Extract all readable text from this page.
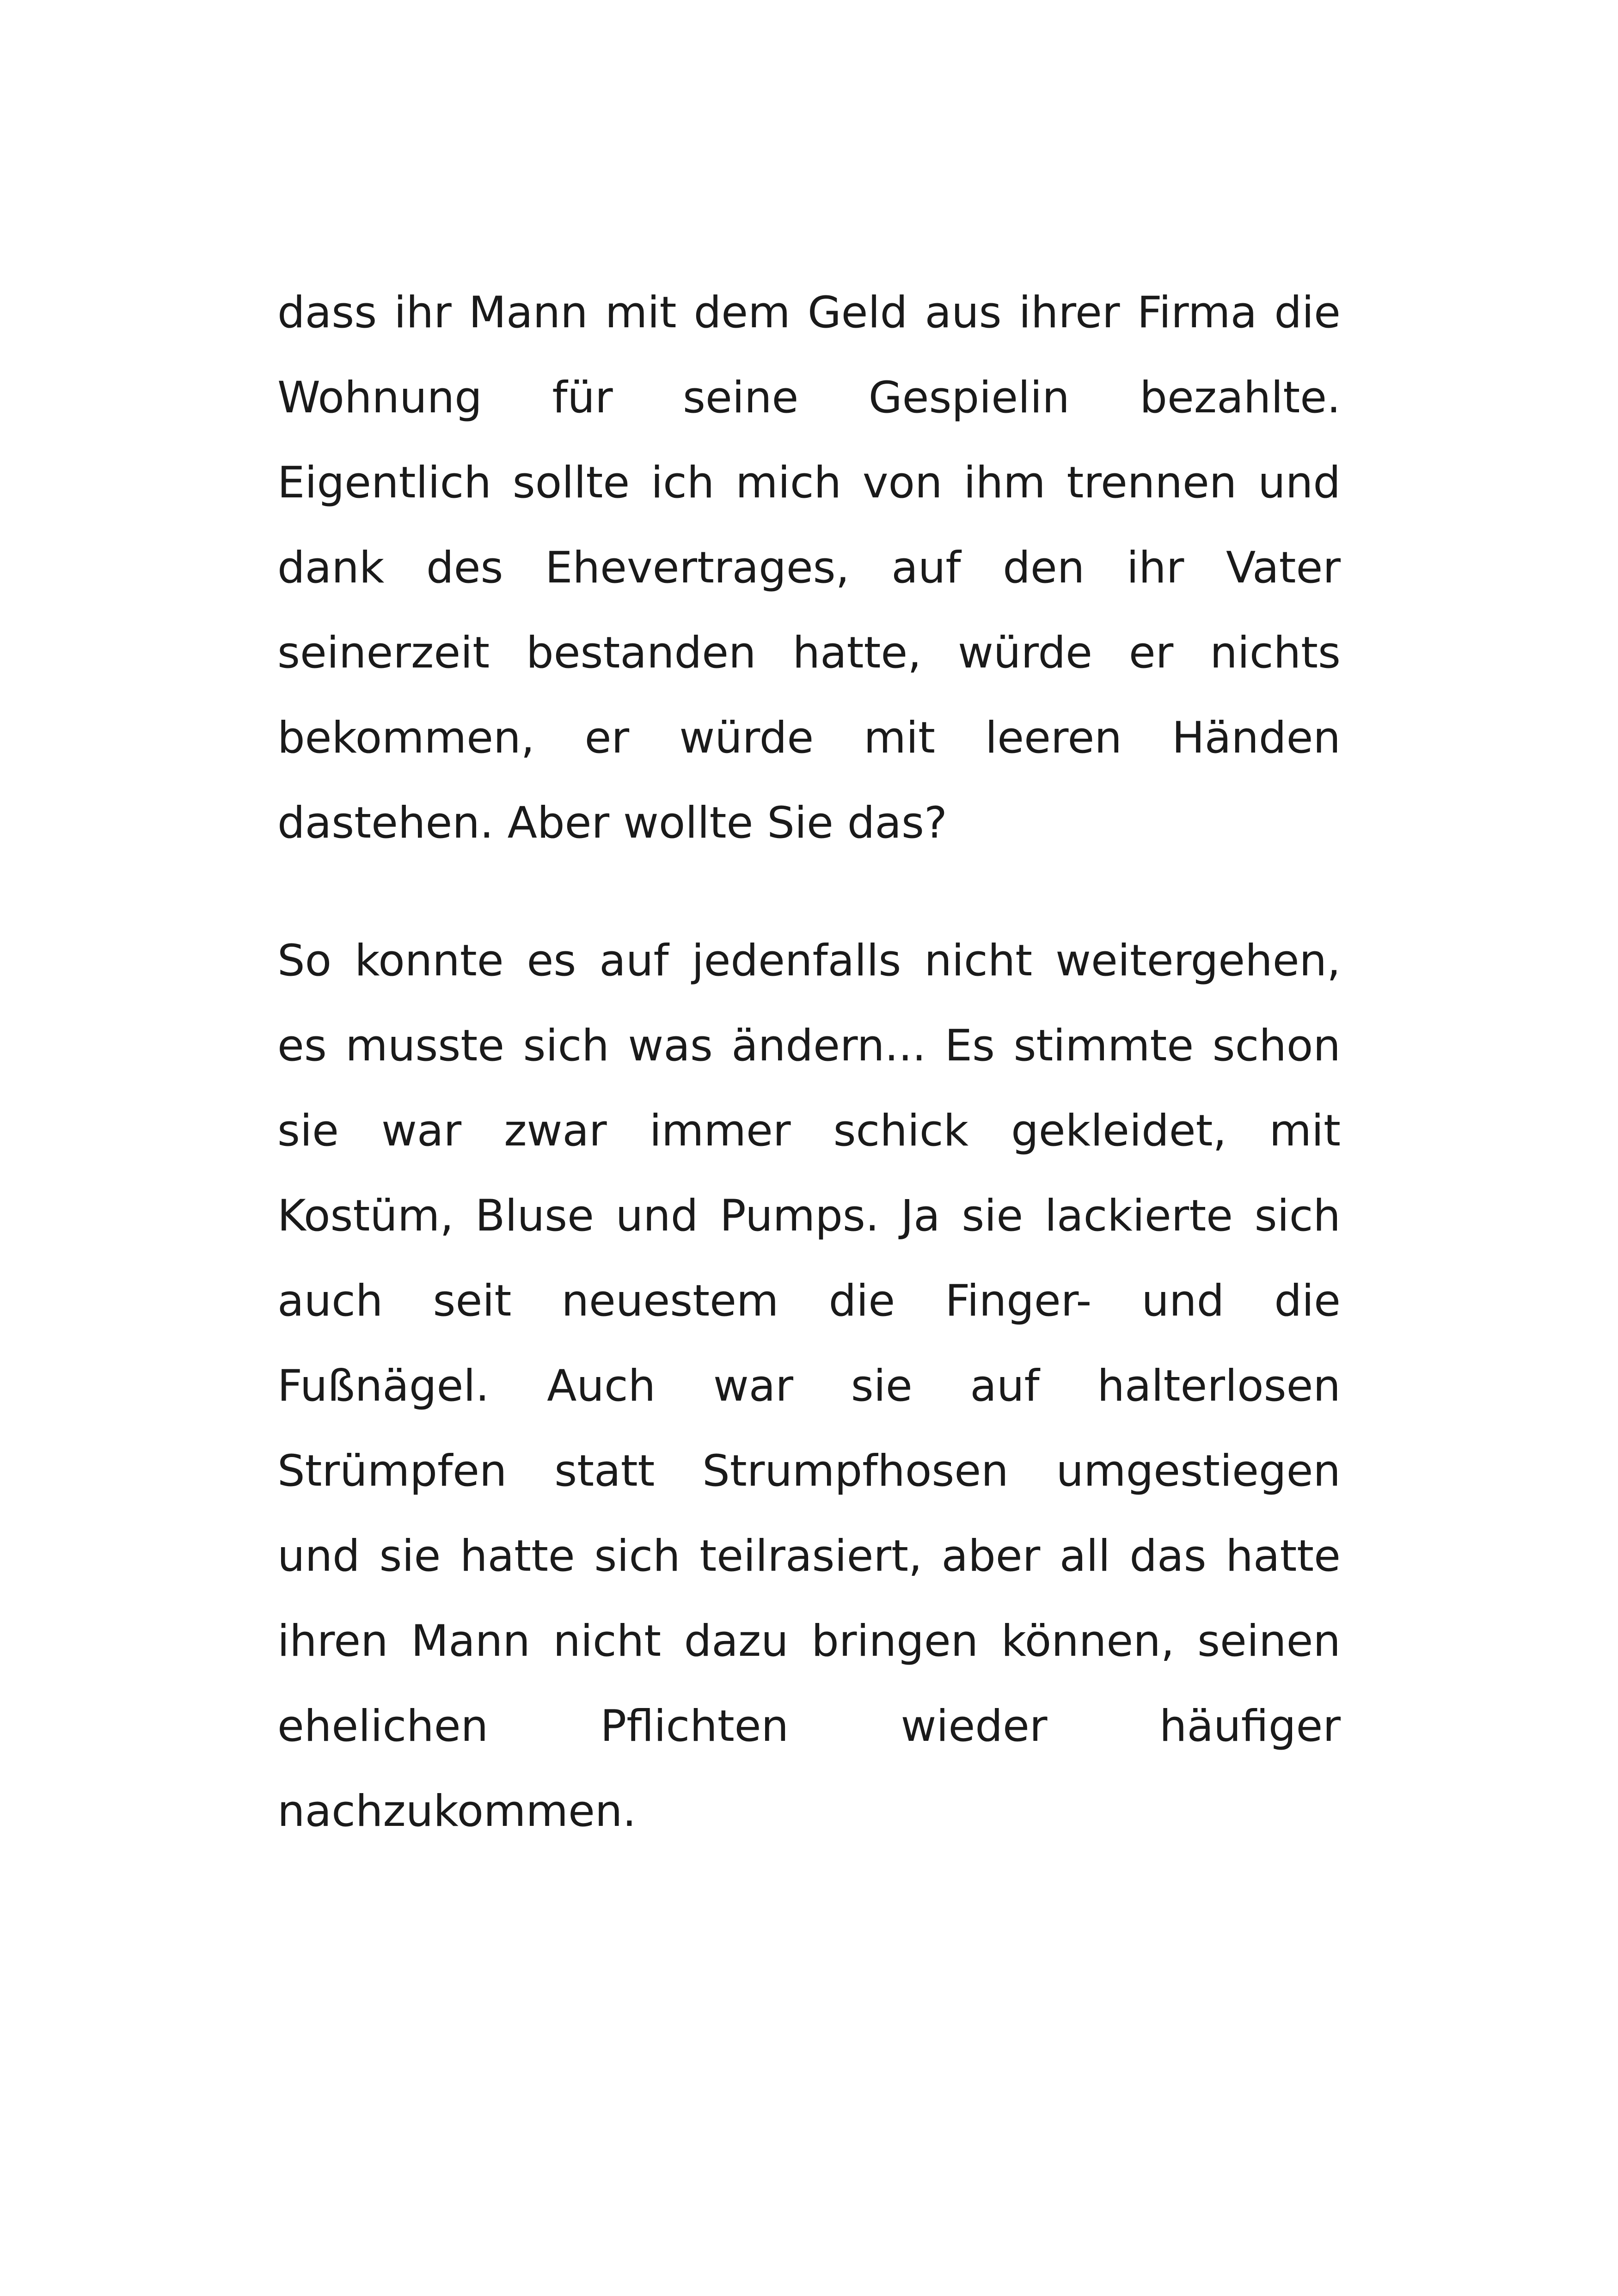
dass ihr Mann mit dem Geld aus ihrer Firma die
Wohnung für seine Gespielin bezahlte.
Eigentlich sollte ich mich von ihm trennen und
dank des Ehevertrages, auf den ihr Vater
seinerzeit bestanden hatte, würde er nichts
bekommen, er würde mit leeren Händen
dastehen. Aber wollte Sie das?
So konnte es auf jedenfalls nicht weitergehen,
es musste sich was ändern... Es stimmte schon
sie war zwar immer schick gekleidet, mit
Kostüm, Bluse und Pumps. Ja sie lackierte sich
auch seit neuestem die Finger- und die
Fußnägel. Auch war sie auf halterlosen
Strümpfen statt Strumpfhosen umgestiegen
und sie hatte sich teilrasiert, aber all das hatte
ihren Mann nicht dazu bringen können, seinen
ehelichen Pflichten wieder häufiger
nachzukommen.
